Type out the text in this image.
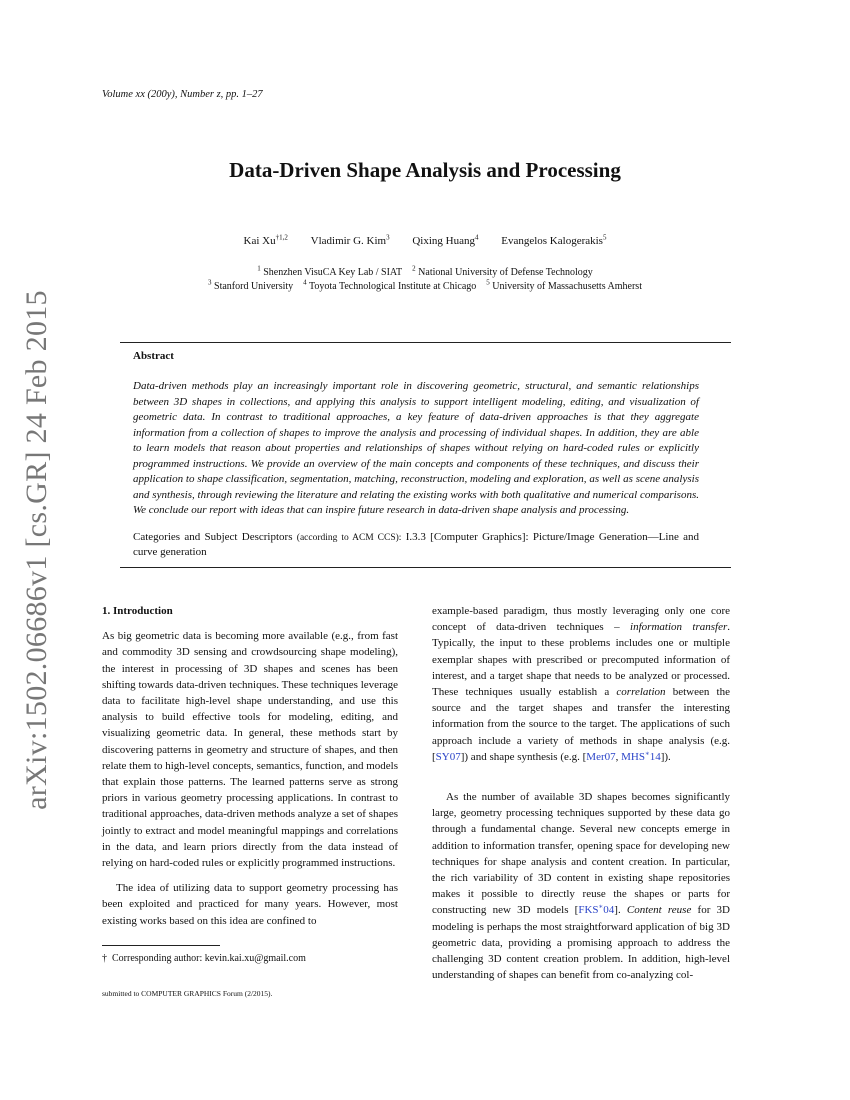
Volume xx (200y), Number z, pp. 1–27
arXiv:1502.06686v1 [cs.GR] 24 Feb 2015
Data-Driven Shape Analysis and Processing
Kai Xu$^{\dagger 1,2}$ Vladimir G. Kim$^3$ Qixing Huang$^4$ Evangelos Kalogerakis$^5$
$^1$ Shenzhen VisuCA Key Lab / SIAT $^2$ National University of Defense Technology
$^3$ Stanford University $^4$ Toyota Technological Institute at Chicago $^5$ University of Massachusetts Amherst
Abstract
Data-driven methods play an increasingly important role in discovering geometric, structural, and semantic relationships between 3D shapes in collections, and applying this analysis to support intelligent modeling, editing, and visualization of geometric data. In contrast to traditional approaches, a key feature of data-driven approaches is that they aggregate information from a collection of shapes to improve the analysis and processing of individual shapes. In addition, they are able to learn models that reason about properties and relationships of shapes without relying on hard-coded rules or explicitly programmed instructions. We provide an overview of the main concepts and components of these techniques, and discuss their application to shape classification, segmentation, matching, reconstruction, modeling and exploration, as well as scene analysis and synthesis, through reviewing the literature and relating the existing works with both qualitative and numerical comparisons. We conclude our report with ideas that can inspire future research in data-driven shape analysis and processing.
Categories and Subject Descriptors (according to ACM CCS): I.3.3 [Computer Graphics]: Picture/Image Generation—Line and curve generation

1. Introduction

As big geometric data is becoming more available (e.g., from fast and commodity 3D sensing and crowdsourcing shape modeling), the interest in processing of 3D shapes and scenes has been shifting towards data-driven techniques. These techniques leverage data to facilitate high-level shape understanding, and use this analysis to build effective tools for modeling, editing, and visualizing geometric data. In general, these methods start by discovering patterns in geometry and structure of shapes, and then relate them to high-level concepts, semantics, function, and models that explain those patterns. The learned patterns serve as strong priors in various geometry processing applications. In contrast to traditional approaches, data-driven methods analyze a set of shapes jointly to extract and model meaningful mappings and correlations in the data, and learn priors directly from the data instead of relying on hard-coded rules or explicitly programmed instructions.

The idea of utilizing data to support geometry processing has been exploited and practiced for many years. However, most existing works based on this idea are confined to

example-based paradigm, thus mostly leveraging only one core concept of data-driven techniques – information transfer. Typically, the input to these problems includes one or multiple exemplar shapes with prescribed or precomputed information of interest, and a target shape that needs to be analyzed or processed. These techniques usually establish a correlation between the source and the target shapes and transfer the interesting information from the source to the target. The applications of such approach include a variety of methods in shape analysis (e.g. [SY07]) and shape synthesis (e.g. [Mer07, MHS∗14]).

As the number of available 3D shapes becomes significantly large, geometry processing techniques supported by these data go through a fundamental change. Several new concepts emerge in addition to information transfer, opening space for developing new techniques for shape analysis and content creation. In particular, the rich variability of 3D content in existing shape repositories makes it possible to directly reuse the shapes or parts for constructing new 3D models [FKS∗04]. Content reuse for 3D modeling is perhaps the most straightforward application of big 3D geometric data, providing a promising approach to address the challenging 3D content creation problem. In addition, high-level understanding of shapes can benefit from co-analyzing col-

† Corresponding author: kevin.kai.xu@gmail.com
submitted to COMPUTER GRAPHICS Forum (2/2015).
